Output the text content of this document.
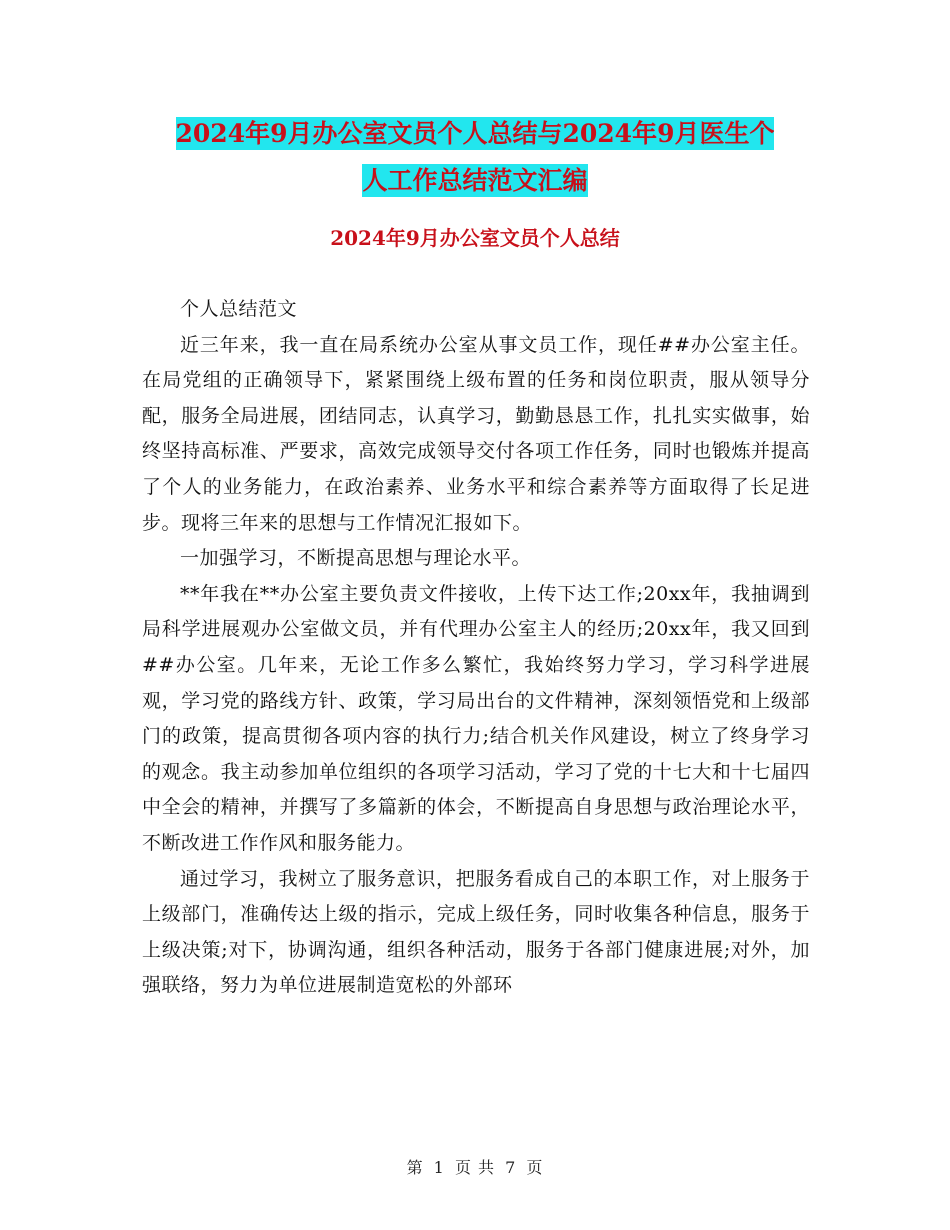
2024年9月办公室文员个人总结与2024年9月医生个
人工作总结范文汇编
2024年9月办公室文员个人总结

个人总结范文

近三年来，我一直在局系统办公室从事文员工作，现任##办公室主任。在局党组的正确领导下，紧紧围绕上级布置的任务和岗位职责，服从领导分配，服务全局进展，团结同志，认真学习，勤勤恳恳工作，扎扎实实做事，始终坚持高标准、严要求，高效完成领导交付各项工作任务，同时也锻炼并提高了个人的业务能力，在政治素养、业务水平和综合素养等方面取得了长足进步。现将三年来的思想与工作情况汇报如下。

一加强学习，不断提高思想与理论水平。

**年我在**办公室主要负责文件接收，上传下达工作;20xx年，我抽调到局科学进展观办公室做文员，并有代理办公室主人的经历;20xx年，我又回到##办公室。几年来，无论工作多么繁忙，我始终努力学习，学习科学进展观，学习党的路线方针、政策，学习局出台的文件精神，深刻领悟党和上级部门的政策，提高贯彻各项内容的执行力;结合机关作风建设，树立了终身学习的观念。我主动参加单位组织的各项学习活动，学习了党的十七大和十七届四中全会的精神，并撰写了多篇新的体会，不断提高自身思想与政治理论水平，不断改进工作作风和服务能力。

通过学习，我树立了服务意识，把服务看成自己的本职工作，对上服务于上级部门，准确传达上级的指示，完成上级任务，同时收集各种信息，服务于上级决策;对下，协调沟通，组织各种活动，服务于各部门健康进展;对外，加强联络，努力为单位进展制造宽松的外部环

第 1 页 共 7 页
